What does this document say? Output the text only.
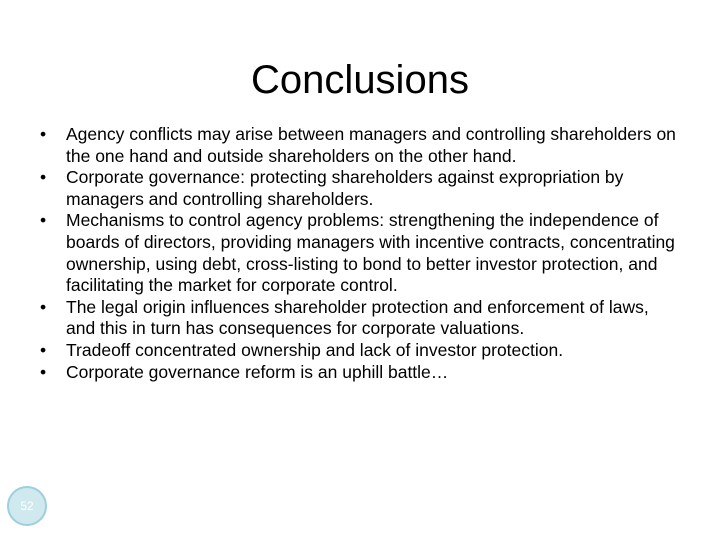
Conclusions
• Agency conflicts may arise between managers and controlling shareholders on the one hand and outside shareholders on the other hand.
• Corporate governance: protecting shareholders against expropriation by managers and controlling shareholders.
• Mechanisms to control agency problems: strengthening the independence of boards of directors, providing managers with incentive contracts, concentrating ownership, using debt, cross-listing to bond to better investor protection, and facilitating the market for corporate control.
• The legal origin influences shareholder protection and enforcement of laws, and this in turn has consequences for corporate valuations.
• Tradeoff concentrated ownership and lack of investor protection.
• Corporate governance reform is an uphill battle…
52
